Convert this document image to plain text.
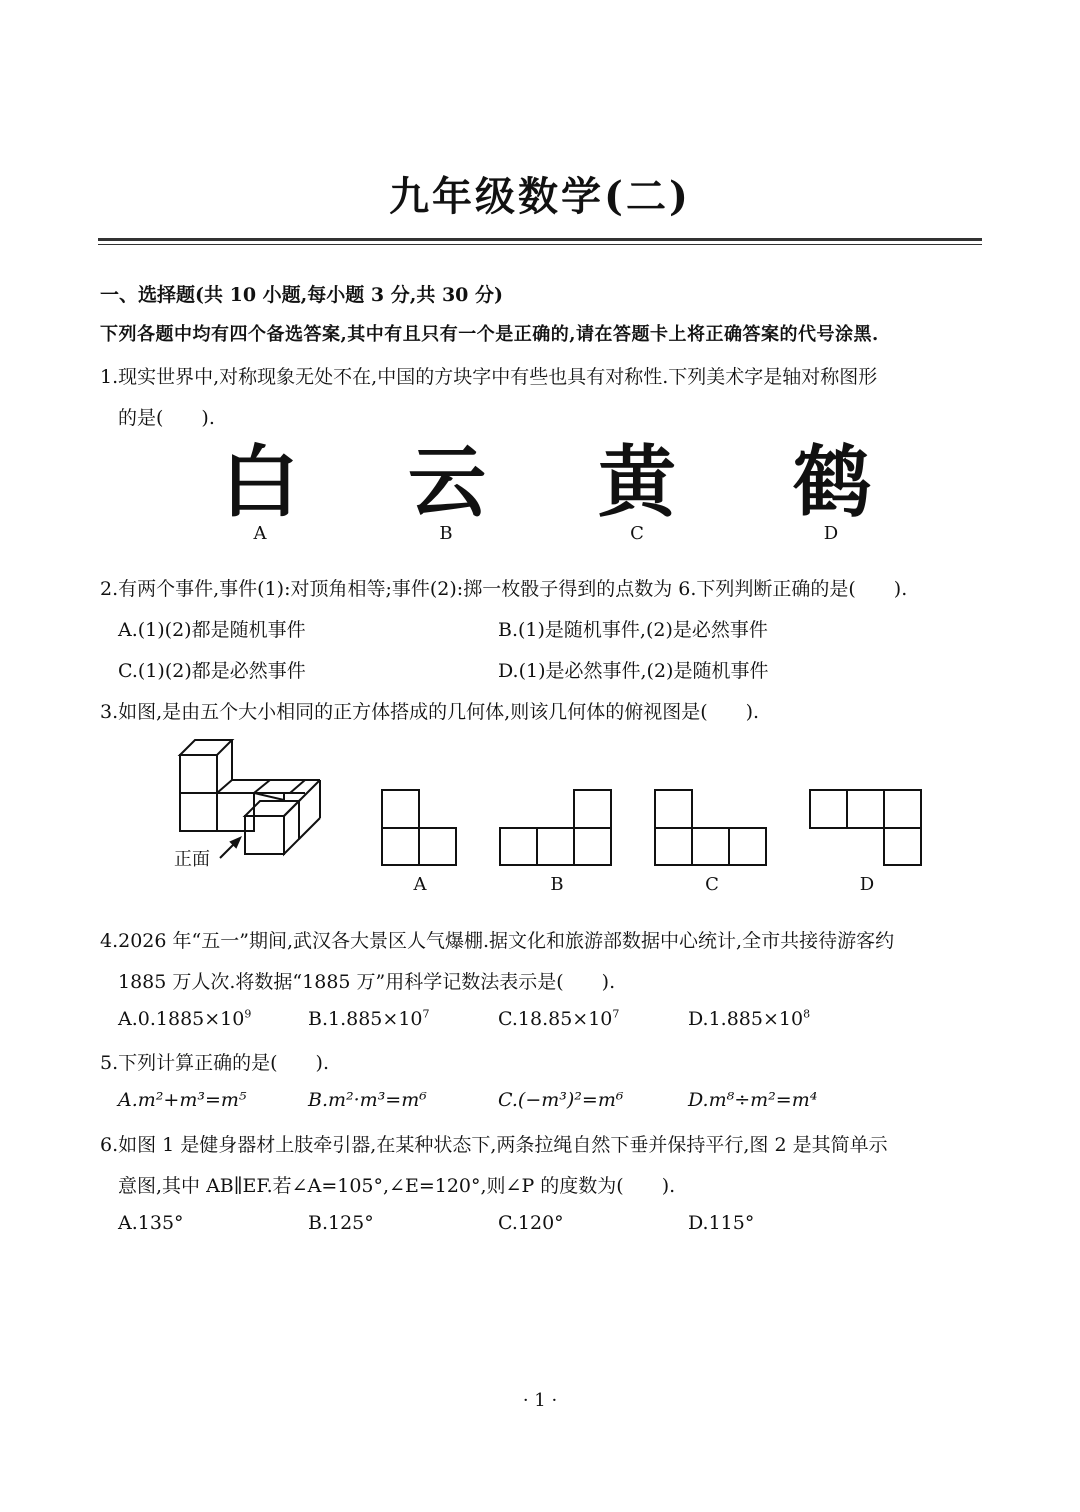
九年级数学(二)
一、选择题(共 10 小题,每小题 3 分,共 30 分)
下列各题中均有四个备选答案,其中有且只有一个是正确的,请在答题卡上将正确答案的代号涂黑.
1.现实世界中,对称现象无处不在,中国的方块字中有些也具有对称性.下列美术字是轴对称图形
的是(　　).
白 云 黄 鹤
A	B	C	D
2.有两个事件,事件(1):对顶角相等;事件(2):掷一枚骰子得到的点数为 6.下列判断正确的是(　　).
A.(1)(2)都是随机事件	B.(1)是随机事件,(2)是必然事件
C.(1)(2)都是必然事件	D.(1)是必然事件,(2)是随机事件
3.如图,是由五个大小相同的正方体搭成的几何体,则该几何体的俯视图是(　　).
正面
A	B	C	D
4.2026 年“五一”期间,武汉各大景区人气爆棚.据文化和旅游部数据中心统计,全市共接待游客约
1885 万人次.将数据“1885 万”用科学记数法表示是(　　).
$A.0.1885\times 10^9$	$B.1.885\times 10^7$	$C.18.85\times 10^7$	$D.1.885\times 10^8$
5.下列计算正确的是(　　).
A.m²+m³=m⁵	B.m²·m³=m⁶	C.(−m³)²=m⁶	D.m⁸÷m²=m⁴
6.如图 1 是健身器材上肢牵引器,在某种状态下,两条拉绳自然下垂并保持平行,图 2 是其简单示
意图,其中 AB∥EF.若∠A=105°,∠E=120°,则∠P 的度数为(　　).
A.135°	B.125°	C.120°	D.115°
· 1 ·
